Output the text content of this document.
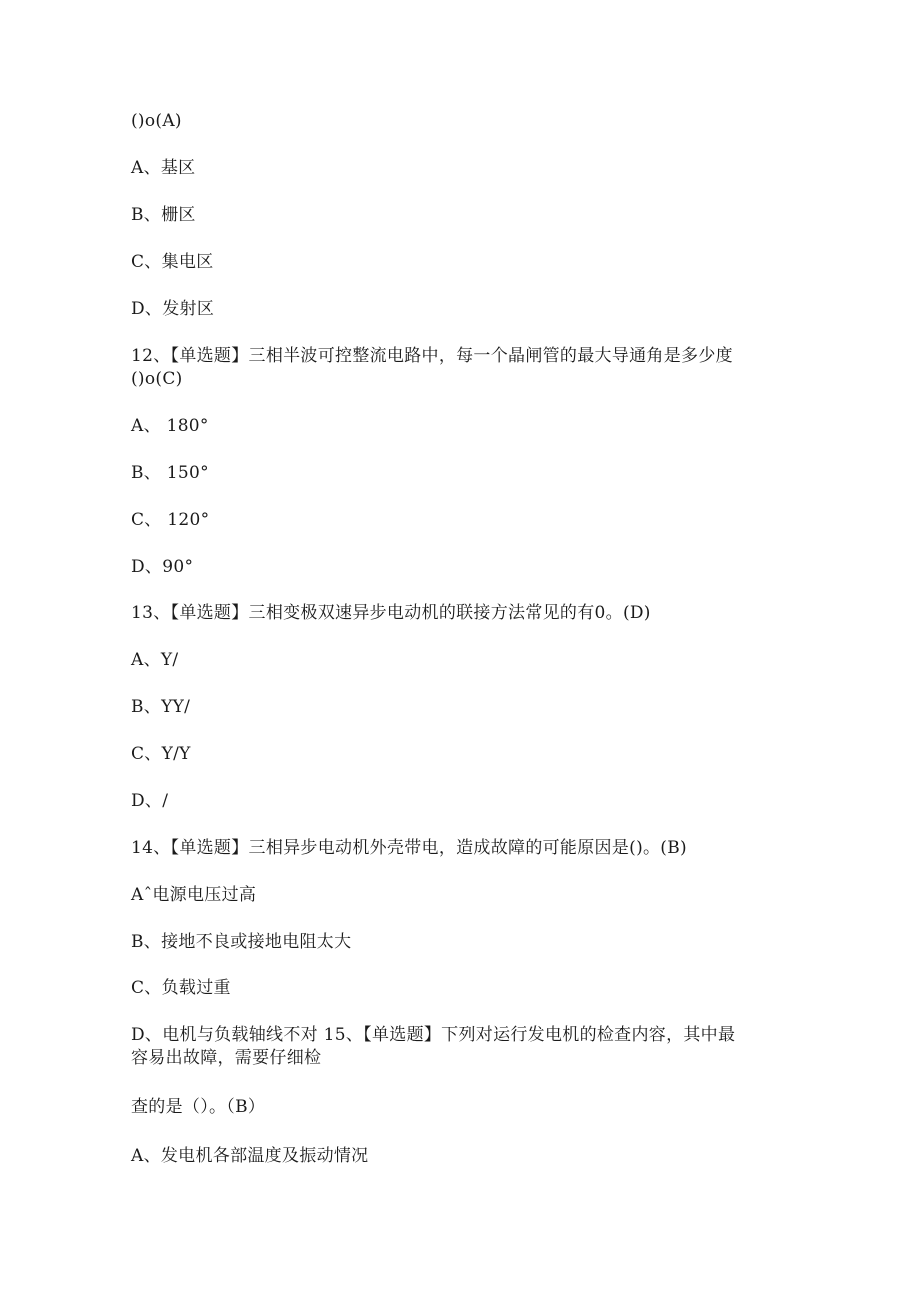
()o(A)
A、基区
B、栅区
C、集电区
D、发射区
12、【单选题】三相半波可控整流电路中，每一个晶闸管的最大导通角是多少度
()o(C)
A、 180°
B、 150°
C、 120°
D、90°
13、【单选题】三相变极双速异步电动机的联接方法常见的有0。(D)
A、Y/
B、YY/
C、Y/Y
D、/
14、【单选题】三相异步电动机外壳带电，造成故障的可能原因是()。(B)
Aˆ电源电压过高
B、接地不良或接地电阻太大
C、负载过重
D、电机与负载轴线不对 15、【单选题】下列对运行发电机的检查内容，其中最
容易出故障，需要仔细检
查的是（）。（B）
A、发电机各部温度及振动情况
